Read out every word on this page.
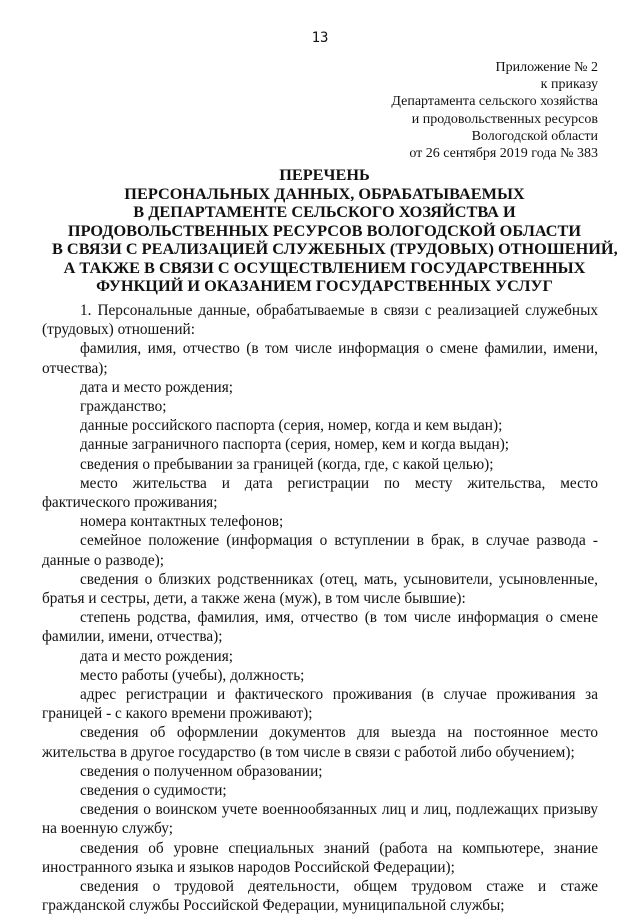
13
Приложение № 2
к приказу
Департамента сельского хозяйства
и продовольственных ресурсов
Вологодской области
от 26 сентября 2019 года № 383
ПЕРЕЧЕНЬ
ПЕРСОНАЛЬНЫХ ДАННЫХ, ОБРАБАТЫВАЕМЫХ
В ДЕПАРТАМЕНТЕ СЕЛЬСКОГО ХОЗЯЙСТВА И
ПРОДОВОЛЬСТВЕННЫХ РЕСУРСОВ ВОЛОГОДСКОЙ ОБЛАСТИ
В СВЯЗИ С РЕАЛИЗАЦИЕЙ СЛУЖЕБНЫХ (ТРУДОВЫХ) ОТНОШЕНИЙ,
А ТАКЖЕ В СВЯЗИ С ОСУЩЕСТВЛЕНИЕМ ГОСУДАРСТВЕННЫХ
ФУНКЦИЙ И ОКАЗАНИЕМ ГОСУДАРСТВЕННЫХ УСЛУГ

1. Персональные данные, обрабатываемые в связи с реализацией служебных (трудовых) отношений:

фамилия, имя, отчество (в том числе информация о смене фамилии, имени, отчества);

дата и место рождения;

гражданство;

данные российского паспорта (серия, номер, когда и кем выдан);

данные заграничного паспорта (серия, номер, кем и когда выдан);

сведения о пребывании за границей (когда, где, с какой целью);

место жительства и дата регистрации по месту жительства, место фактического проживания;

номера контактных телефонов;

семейное положение (информация о вступлении в брак, в случае развода - данные о разводе);

сведения о близких родственниках (отец, мать, усыновители, усыновленные, братья и сестры, дети, а также жена (муж), в том числе бывшие):

степень родства, фамилия, имя, отчество (в том числе информация о смене фамилии, имени, отчества);

дата и место рождения;

место работы (учебы), должность;

адрес регистрации и фактического проживания (в случае проживания за границей - с какого времени проживают);

сведения об оформлении документов для выезда на постоянное место жительства в другое государство (в том числе в связи с работой либо обучением);

сведения о полученном образовании;

сведения о судимости;

сведения о воинском учете военнообязанных лиц и лиц, подлежащих призыву на военную службу;

сведения об уровне специальных знаний (работа на компьютере, знание иностранного языка и языков народов Российской Федерации);

сведения о трудовой деятельности, общем трудовом стаже и стаже гражданской службы Российской Федерации, муниципальной службы;
